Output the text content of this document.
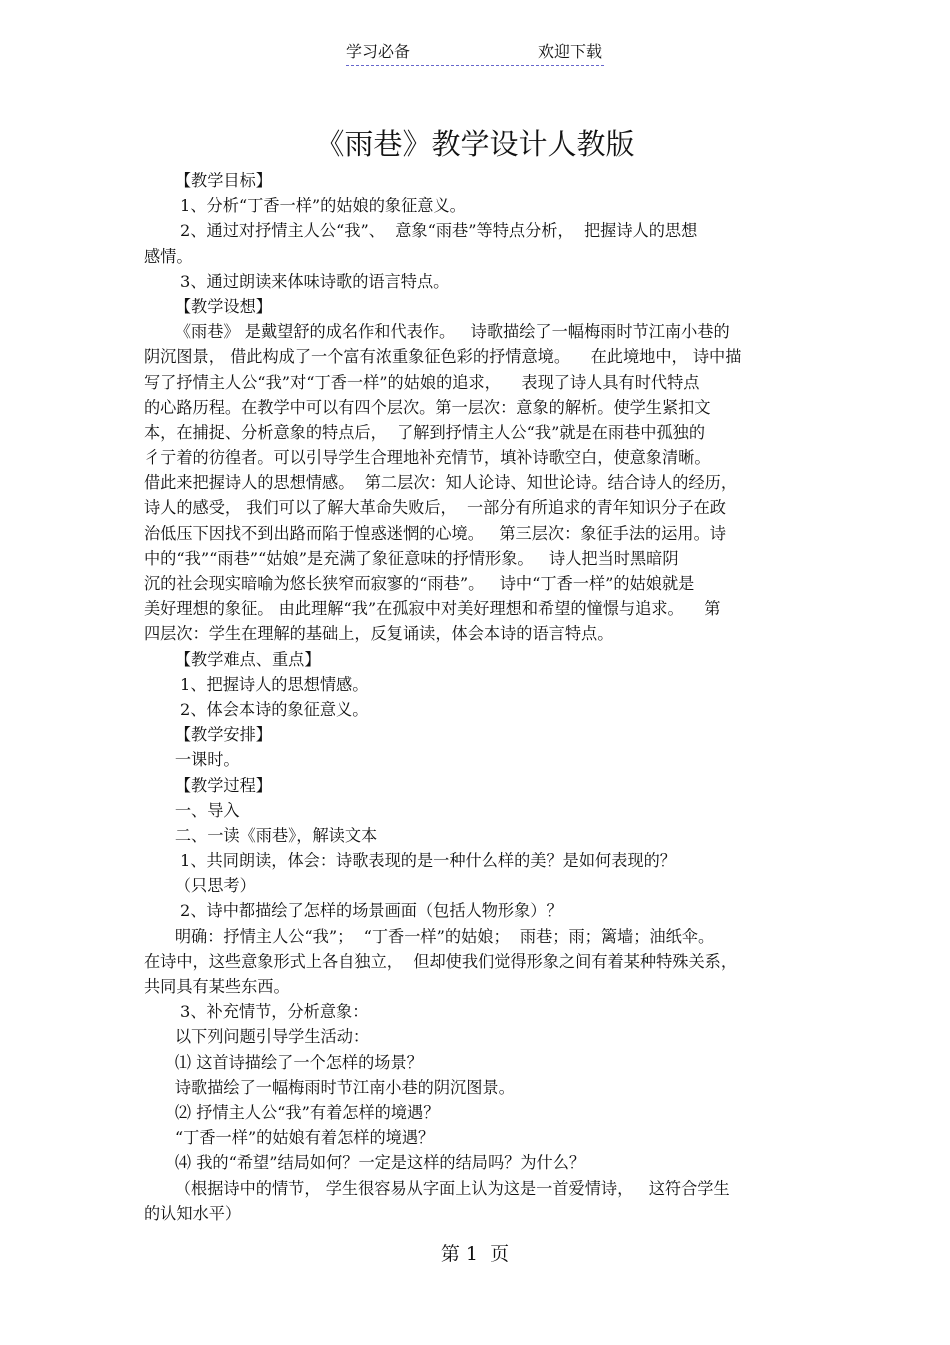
学习必备	欢迎下载
《雨巷》教学设计人教版
【教学目标】
1、分析“丁香一样”的姑娘的象征意义。
2、通过对抒情主人公“我”、  意象“雨巷”等特点分析，  把握诗人的思想
感情。
3、通过朗读来体味诗歌的语言特点。
【教学设想】
《雨巷》 是戴望舒的成名作和代表作。   诗歌描绘了一幅梅雨时节江南小巷的
阴沉图景， 借此构成了一个富有浓重象征色彩的抒情意境。    在此境地中， 诗中描
写了抒情主人公“我”对“丁香一样”的姑娘的追求，    表现了诗人具有时代特点
的心路历程。在教学中可以有四个层次。第一层次：意象的解析。使学生紧扣文
本，在捕捉、分析意象的特点后，  了解到抒情主人公“我”就是在雨巷中孤独的
彳亍着的彷徨者。可以引导学生合理地补充情节，填补诗歌空白，使意象清晰。
借此来把握诗人的思想情感。  第二层次：知人论诗、知世论诗。结合诗人的经历，
诗人的感受， 我们可以了解大革命失败后，  一部分有所追求的青年知识分子在政
治低压下因找不到出路而陷于惶惑迷惘的心境。   第三层次：象征手法的运用。诗
中的“我”“雨巷”“姑娘”是充满了象征意味的抒情形象。   诗人把当时黑暗阴
沉的社会现实暗喻为悠长狭窄而寂寥的“雨巷”。   诗中“丁香一样”的姑娘就是
美好理想的象征。 由此理解“我”在孤寂中对美好理想和希望的憧憬与追求。    第
四层次：学生在理解的基础上，反复诵读，体会本诗的语言特点。
【教学难点、重点】
1、把握诗人的思想情感。
2、体会本诗的象征意义。
【教学安排】
一课时。
【教学过程】
一、导入
二、一读《雨巷》，解读文本
1、共同朗读，体会：诗歌表现的是一种什么样的美？是如何表现的？
（只思考）
2、诗中都描绘了怎样的场景画面（包括人物形象）？
明确：抒情主人公“我”；  “丁香一样”的姑娘；  雨巷；雨；篱墙；油纸伞。
在诗中，这些意象形式上各自独立，  但却使我们觉得形象之间有着某种特殊关系，
共同具有某些东西。
3、补充情节，分析意象：
以下列问题引导学生活动：
⑴ 这首诗描绘了一个怎样的场景？
诗歌描绘了一幅梅雨时节江南小巷的阴沉图景。
⑵ 抒情主人公“我”有着怎样的境遇？
“丁香一样”的姑娘有着怎样的境遇？
⑷ 我的“希望”结局如何？一定是这样的结局吗？为什么？
（根据诗中的情节， 学生很容易从字面上认为这是一首爱情诗，   这符合学生
的认知水平）
第 1  页
